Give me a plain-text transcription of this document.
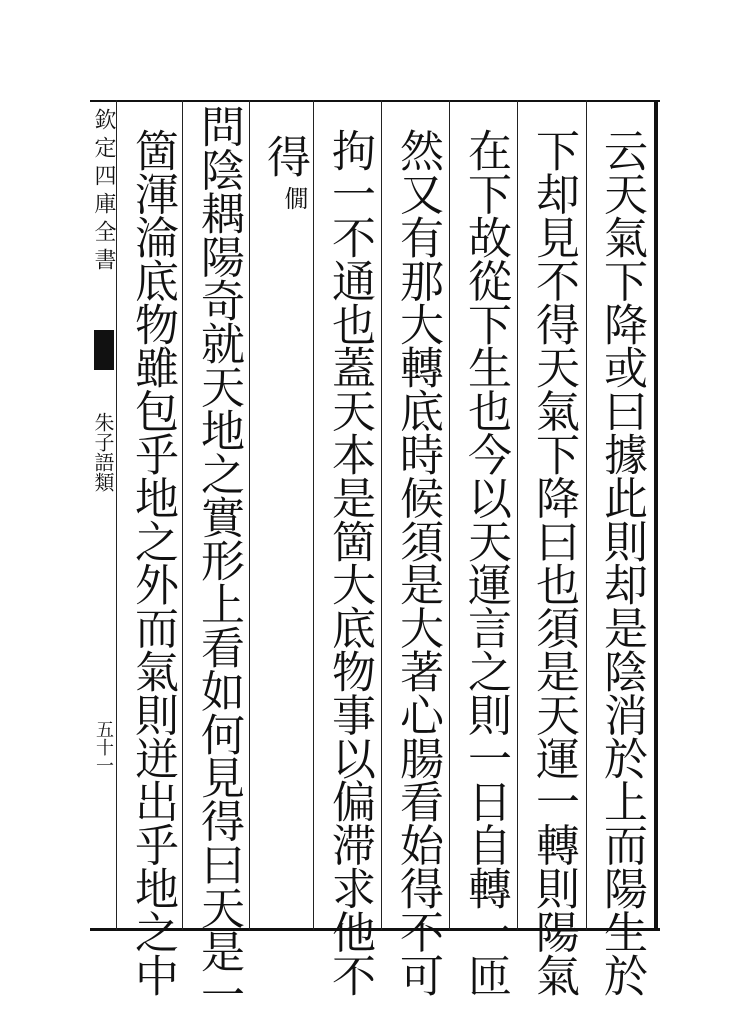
云天氣下降或曰據此則却是陰消於上而陽生於
下却見不得天氣下降曰也須是天運一轉則陽氣
在下故從下生也今以天運言之則一日自轉一匝
然又有那大轉底時候須是大著心腸看始得不可
拘一不通也蓋天本是箇大底物事以偏滞求他不
得
僩
問陰耦陽奇就天地之實形上看如何見得曰天是一
箇渾淪底物雖包乎地之外而氣則迸出乎地之中
欽定四庫全書
朱子語類
五十一
